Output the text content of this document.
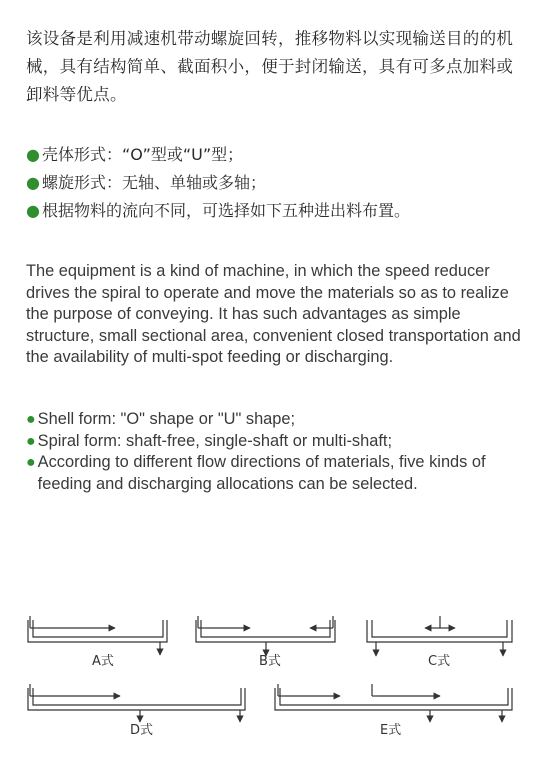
该设备是利用减速机带动螺旋回转，推移物料以实现输送目的的机械，具有结构简单、截面积小，便于封闭输送，具有可多点加料或卸料等优点。

● 壳体形式：“O”型或“U”型；
● 螺旋形式：无轴、单轴或多轴；
● 根据物料的流向不同，可选择如下五种进出料布置。

The equipment is a kind of machine, in which the speed reducer drives the spiral to operate and move the materials so as to realize the purpose of conveying. It has such advantages as simple structure, small sectional area, convenient closed transportation and the availability of multi-spot feeding or discharging.

● Shell form: "O" shape or "U" shape;
● Spiral form: shaft-free, single-shaft or multi-shaft;
● According to different flow directions of materials, five kinds of feeding and discharging allocations can be selected.
A式	B式	C式
D式	E式
